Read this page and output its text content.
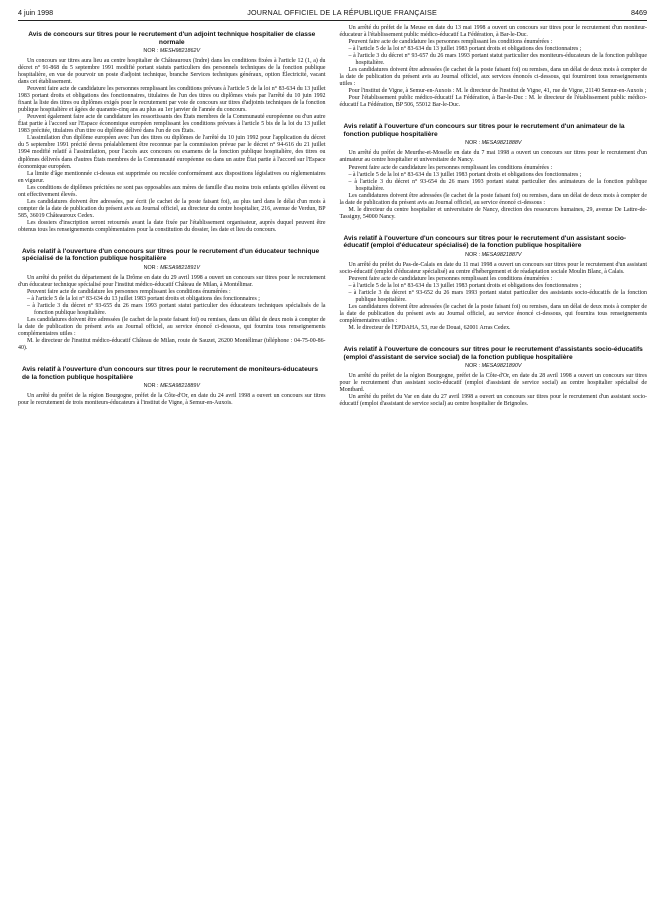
4 juin 1998	JOURNAL OFFICIEL DE LA RÉPUBLIQUE FRANÇAISE	8469
Avis de concours sur titres pour le recrutement d'un adjoint technique hospitalier de classe normale
NOR : MESH9821862V

Un concours sur titres aura lieu au centre hospitalier de Châteauroux (Indre) dans les conditions fixées à l'article 12 (1, a) du décret n° 91-868 du 5 septembre 1991 modifié portant statuts particuliers des personnels techniques de la fonction publique hospitalière, en vue de pourvoir un poste d'adjoint technique, branche Services techniques généraux, option Électricité, vacant dans cet établissement.

Peuvent faire acte de candidature les personnes remplissant les conditions prévues à l'article 5 de la loi n° 83-634 du 13 juillet 1983 portant droits et obligations des fonctionnaires, titulaires de l'un des titres ou diplômes visés par l'arrêté du 10 juin 1992 fixant la liste des titres ou diplômes exigés pour le recrutement par voie de concours sur titres d'adjoints techniques de la fonction publique hospitalière et âgées de quarante-cinq ans au plus au 1er janvier de l'année du concours.

Peuvent également faire acte de candidature les ressortissants des États membres de la Communauté européenne ou d'un autre État partie à l'accord sur l'Espace économique européen remplissant les conditions prévues à l'article 5 bis de la loi du 13 juillet 1983 précitée, titulaires d'un titre ou diplôme délivré dans l'un de ces États.

L'assimilation d'un diplôme européen avec l'un des titres ou diplômes de l'arrêté du 10 juin 1992 pour l'application du décret du 5 septembre 1991 précité devra préalablement être reconnue par la commission prévue par le décret n° 94-616 du 21 juillet 1994 modifié relatif à l'assimilation, pour l'accès aux concours ou examens de la fonction publique hospitalière, des titres ou diplômes délivrés dans d'autres États membres de la Communauté européenne ou dans un autre État partie à l'accord sur l'Espace économique européen.

La limite d'âge mentionnée ci-dessus est supprimée ou reculée conformément aux dispositions législatives ou réglementaires en vigueur.

Les conditions de diplômes précitées ne sont pas opposables aux mères de famille d'au moins trois enfants qu'elles élèvent ou ont effectivement élevés.

Les candidatures doivent être adressées, par écrit (le cachet de la poste faisant foi), au plus tard dans le délai d'un mois à compter de la date de publication du présent avis au Journal officiel, au directeur du centre hospitalier, 216, avenue de Verdun, BP 585, 36019 Châteauroux Cedex.

Les dossiers d'inscription seront retournés avant la date fixée par l'établissement organisateur, auprès duquel peuvent être obtenus tous les renseignements complémentaires pour la constitution du dossier, les date et lieu du concours.

Avis relatif à l'ouverture d'un concours sur titres pour le recrutement d'un éducateur technique spécialisé de la fonction publique hospitalière
NOR : MESA9821891V

Un arrêté du préfet du département de la Drôme en date du 29 avril 1998 a ouvert un concours sur titres pour le recrutement d'un éducateur technique spécialisé pour l'institut médico-éducatif Château de Milan, à Montélimar.

Peuvent faire acte de candidature les personnes remplissant les conditions énumérées :

– à l'article 5 de la loi n° 83-634 du 13 juillet 1983 portant droits et obligations des fonctionnaires ;

– à l'article 3 du décret n° 93-655 du 26 mars 1993 portant statut particulier des éducateurs techniques spécialisés de la fonction publique hospitalière.

Les candidatures doivent être adressées (le cachet de la poste faisant foi) ou remises, dans un délai de deux mois à compter de la date de publication du présent avis au Journal officiel, au service énoncé ci-dessous, qui fournira tous renseignements complémentaires utiles :

M. le directeur de l'institut médico-éducatif Château de Milan, route de Sauzet, 26200 Montélimar (téléphone : 04-75-00-86-40).

Avis relatif à l'ouverture d'un concours sur titres pour le recrutement de moniteurs-éducateurs de la fonction publique hospitalière
NOR : MESA9821889V

Un arrêté du préfet de la région Bourgogne, préfet de la Côte-d'Or, en date du 24 avril 1998 a ouvert un concours sur titres pour le recrutement de trois moniteurs-éducateurs à l'institut de Vigne, à Semur-en-Auxois.

Un arrêté du préfet de la Meuse en date du 13 mai 1998 a ouvert un concours sur titres pour le recrutement d'un moniteur-éducateur à l'établissement public médico-éducatif La Fédération, à Bar-le-Duc.

Peuvent faire acte de candidature les personnes remplissant les conditions énumérées :

– à l'article 5 de la loi n° 83-634 du 13 juillet 1983 portant droits et obligations des fonctionnaires ;

– à l'article 3 du décret n° 93-657 du 26 mars 1993 portant statut particulier des moniteurs-éducateurs de la fonction publique hospitalière.

Les candidatures doivent être adressées (le cachet de la poste faisant foi) ou remises, dans un délai de deux mois à compter de la date de publication du présent avis au Journal officiel, aux services énoncés ci-dessous, qui fourniront tous renseignements utiles :

Pour l'institut de Vigne, à Semur-en-Auxois : M. le directeur de l'institut de Vigne, 41, rue de Vigne, 21140 Semur-en-Auxois ;

Pour l'établissement public médico-éducatif La Fédération, à Bar-le-Duc : M. le directeur de l'établissement public médico-éducatif La Fédération, BP 506, 55012 Bar-le-Duc.

Avis relatif à l'ouverture d'un concours sur titres pour le recrutement d'un animateur de la fonction publique hospitalière
NOR : MESA9821888V

Un arrêté du préfet de Meurthe-et-Moselle en date du 7 mai 1998 a ouvert un concours sur titres pour le recrutement d'un animateur au centre hospitalier et universitaire de Nancy.

Peuvent faire acte de candidature les personnes remplissant les conditions énumérées :

– à l'article 5 de la loi n° 83-634 du 13 juillet 1983 portant droits et obligations des fonctionnaires ;

– à l'article 3 du décret n° 93-654 du 26 mars 1993 portant statut particulier des animateurs de la fonction publique hospitalière.

Les candidatures doivent être adressées (le cachet de la poste faisant foi) ou remises, dans un délai de deux mois à compter de la date de publication du présent avis au Journal officiel, au service énoncé ci-dessous :

M. le directeur du centre hospitalier et universitaire de Nancy, direction des ressources humaines, 29, avenue De Lattre-de-Tassigny, 54000 Nancy.

Avis relatif à l'ouverture d'un concours sur titres pour le recrutement d'un assistant socio-éducatif (emploi d'éducateur spécialisé) de la fonction publique hospitalière
NOR : MESA9821887V

Un arrêté du préfet du Pas-de-Calais en date du 11 mai 1998 a ouvert un concours sur titres pour le recrutement d'un assistant socio-éducatif (emploi d'éducateur spécialisé) au centre d'hébergement et de réadaptation sociale Moulin Blanc, à Calais.

Peuvent faire acte de candidature les personnes remplissant les conditions énumérées :

– à l'article 5 de la loi n° 83-634 du 13 juillet 1983 portant droits et obligations des fonctionnaires ;

– à l'article 3 du décret n° 93-652 du 26 mars 1993 portant statut particulier des assistants socio-éducatifs de la fonction publique hospitalière.

Les candidatures doivent être adressées (le cachet de la poste faisant foi) ou remises, dans un délai de deux mois à compter de la date de publication du présent avis au Journal officiel, au service énoncé ci-dessous, qui fournira tous renseignements complémentaires utiles :

M. le directeur de l'EPDAHA, 53, rue de Douai, 62001 Arras Cedex.

Avis relatif à l'ouverture de concours sur titres pour le recrutement d'assistants socio-éducatifs (emploi d'assistant de service social) de la fonction publique hospitalière
NOR : MESA9821890V

Un arrêté du préfet de la région Bourgogne, préfet de la Côte-d'Or, en date du 28 avril 1998 a ouvert un concours sur titres pour le recrutement d'un assistant socio-éducatif (emploi d'assistant de service social) au centre hospitalier spécialisé de Montbard.

Un arrêté du préfet du Var en date du 27 avril 1998 a ouvert un concours sur titres pour le recrutement d'un assistant socio-éducatif (emploi d'assistant de service social) au centre hospitalier de Brignoles.
